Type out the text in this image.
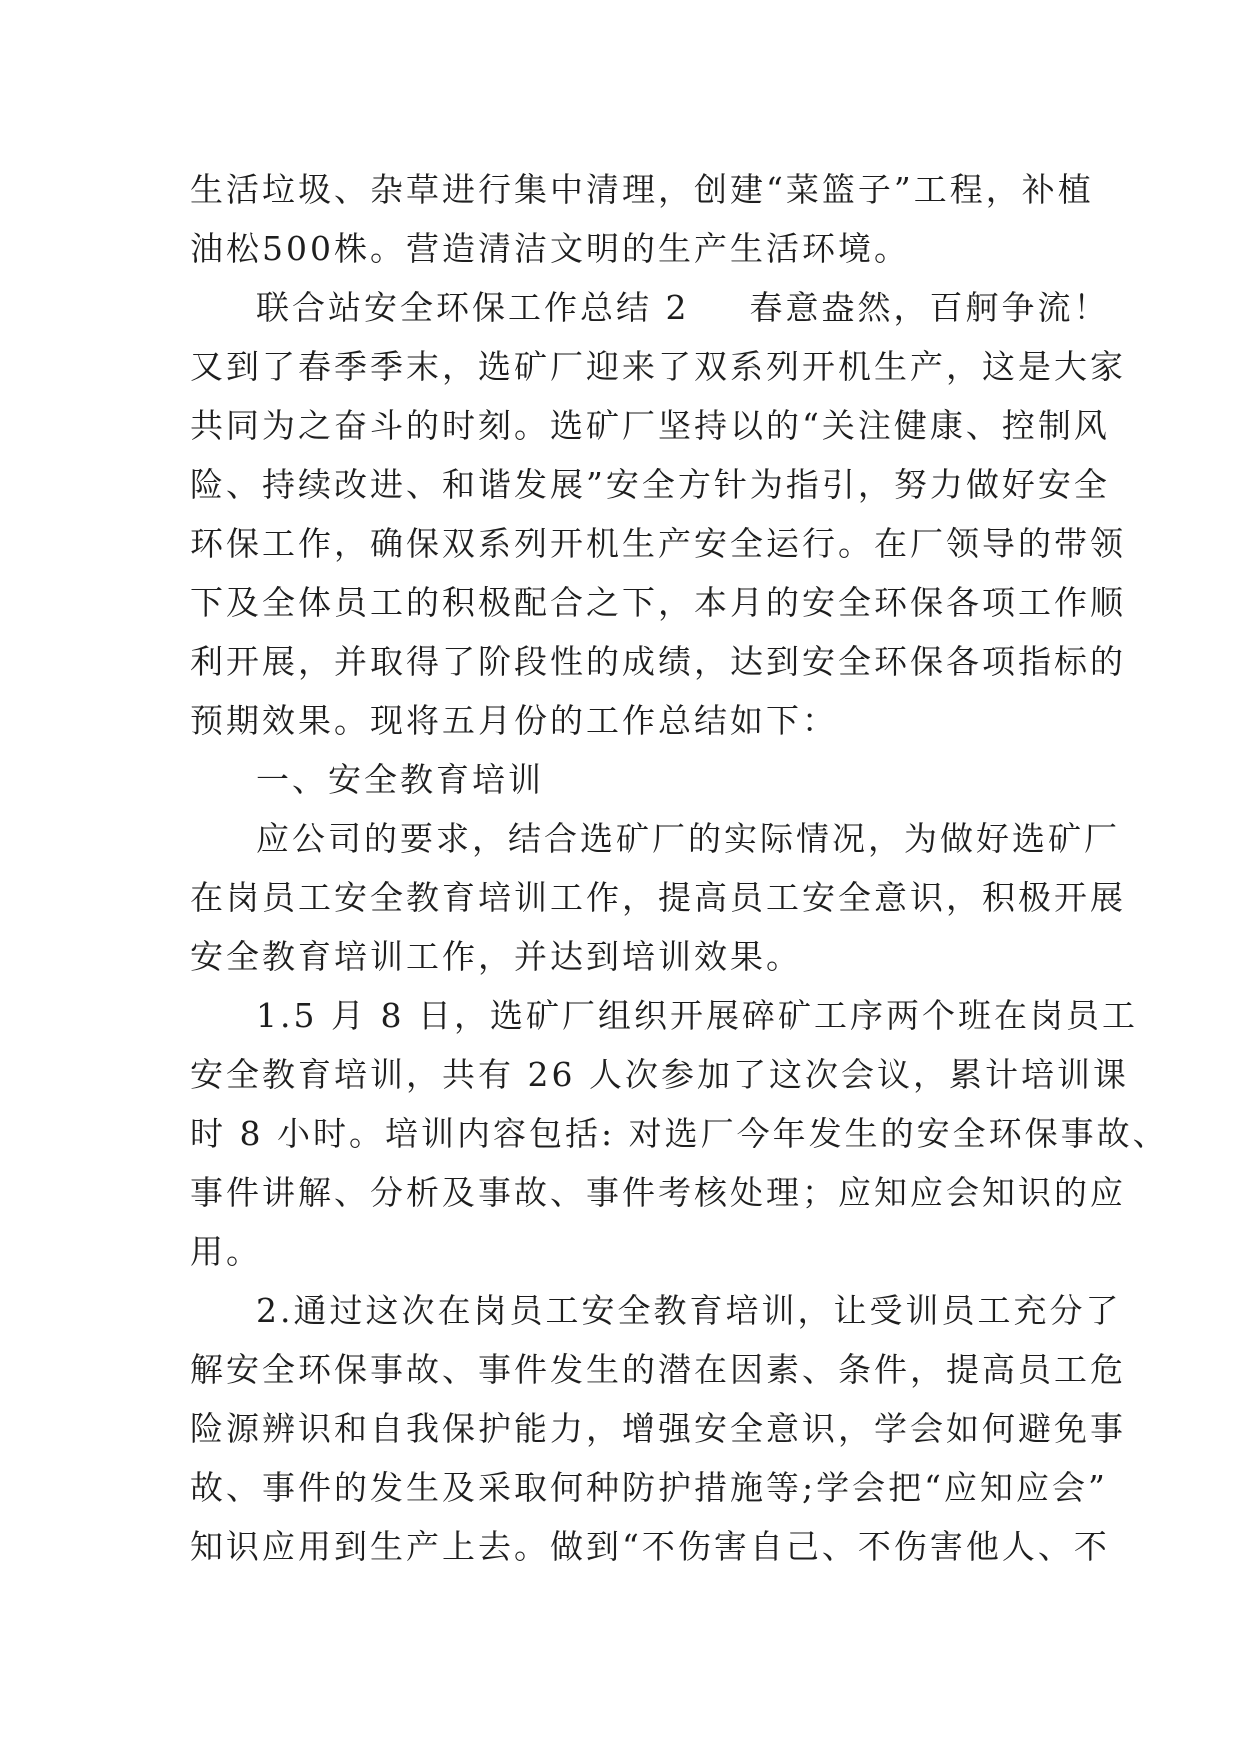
生活垃圾、杂草进行集中清理，创建“菜篮子”工程，补植
油松500株。营造清洁文明的生产生活环境。
联合站安全环保工作总结 2 春意盎然，百舸争流！
又到了春季季末，选矿厂迎来了双系列开机生产，这是大家
共同为之奋斗的时刻。选矿厂坚持以的“关注健康、控制风
险、持续改进、和谐发展”安全方针为指引，努力做好安全
环保工作，确保双系列开机生产安全运行。在厂领导的带领
下及全体员工的积极配合之下，本月的安全环保各项工作顺
利开展，并取得了阶段性的成绩，达到安全环保各项指标的
预期效果。现将五月份的工作总结如下：
一、安全教育培训
应公司的要求，结合选矿厂的实际情况，为做好选矿厂
在岗员工安全教育培训工作，提高员工安全意识，积极开展
安全教育培训工作，并达到培训效果。
1.5 月 8 日，选矿厂组织开展碎矿工序两个班在岗员工
安全教育培训，共有 26 人次参加了这次会议，累计培训课
时 8 小时。培训内容包括: 对选厂今年发生的安全环保事故、
事件讲解、分析及事故、事件考核处理；应知应会知识的应
用。
2.通过这次在岗员工安全教育培训，让受训员工充分了
解安全环保事故、事件发生的潜在因素、条件，提高员工危
险源辨识和自我保护能力，增强安全意识，学会如何避免事
故、事件的发生及采取何种防护措施等;学会把“应知应会”
知识应用到生产上去。做到“不伤害自己、不伤害他人、不
